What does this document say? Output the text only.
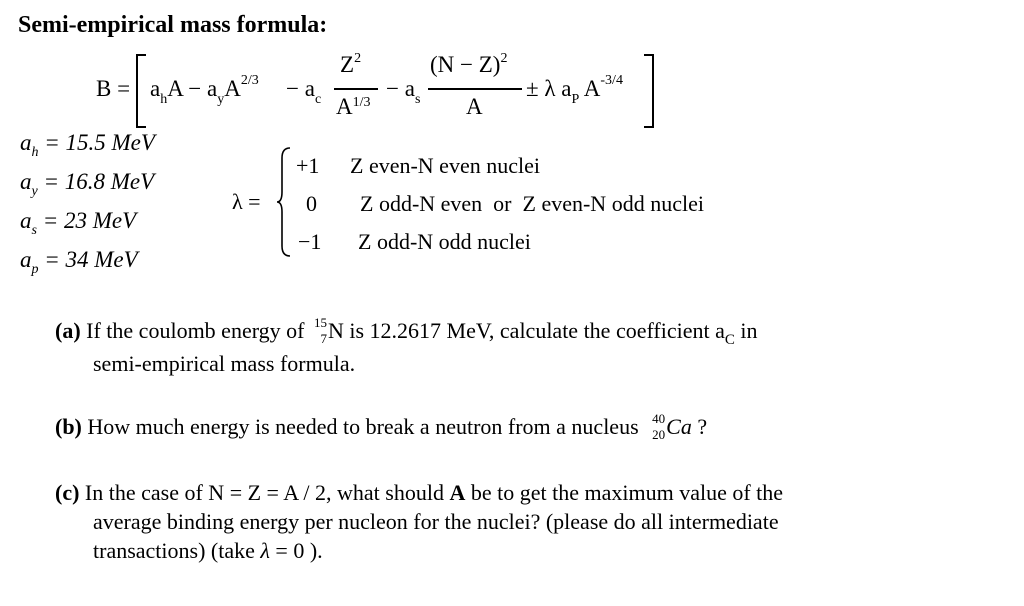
Semi-empirical mass formula:
$B = a_hA - a_yA^{2/3} - a_c$
$Z^2$
$A^{1/3}$
− $a_s$
$(N - Z)^2$
A
± λ $a_P$ $A^{-3/4}$
$a_h = 15.5$ MeV
$a_y = 16.8$ MeV
$a_s = 23$ MeV
$a_p = 34$ MeV
λ =
+1
0
−1
Z even-N even nuclei
Z odd-N even  or  Z even-N odd nuclei
Z odd-N odd nuclei
(a) If the coulomb energy of 15
7 N is 12.2617 MeV, calculate the coefficient $a_C$ in
semi-empirical mass formula.
(b) How much energy is needed to break a neutron from a nucleus 40
20 Ca ?
(c) In the case of N = Z = A / 2, what should A be to get the maximum value of the
average binding energy per nucleon for the nuclei? (please do all intermediate
transactions) (take λ = 0 ).
